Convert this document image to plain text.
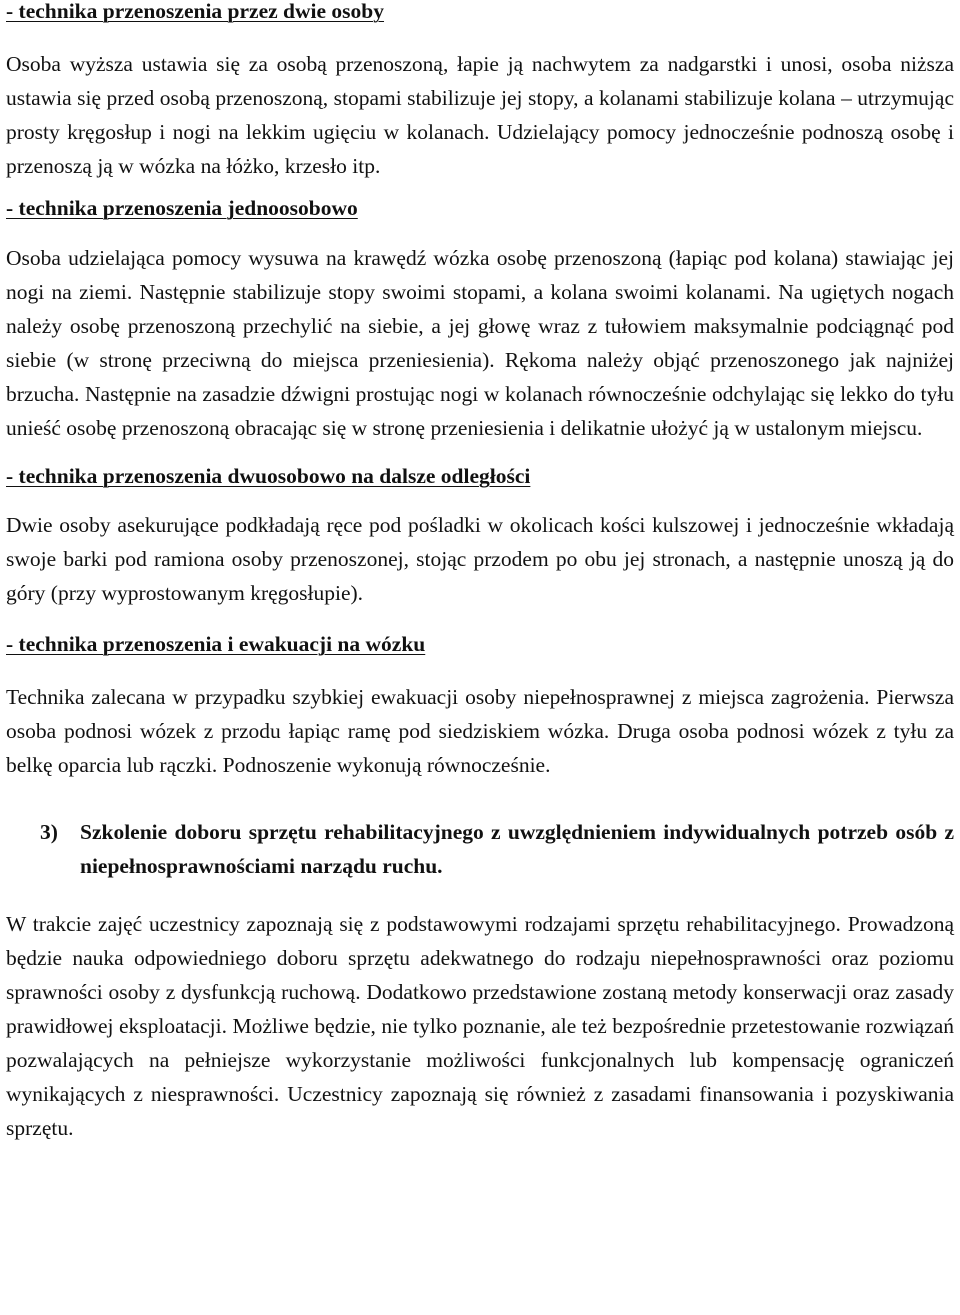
- technika przenoszenia przez dwie osoby

Osoba wyższa ustawia się za osobą przenoszoną, łapie ją nachwytem za nadgarstki i unosi, osoba niższa ustawia się przed osobą przenoszoną, stopami stabilizuje jej stopy, a kolanami stabilizuje kolana – utrzymując prosty kręgosłup i nogi na lekkim ugięciu w kolanach. Udzielający pomocy jednocześnie podnoszą osobę i przenoszą ją w wózka na łóżko, krzesło itp.

- technika przenoszenia jednoosobowo

Osoba udzielająca pomocy wysuwa na krawędź wózka osobę przenoszoną (łapiąc pod kolana) stawiając jej nogi na ziemi. Następnie stabilizuje stopy swoimi stopami, a kolana swoimi kolanami. Na ugiętych nogach należy osobę przenoszoną przechylić na siebie, a jej głowę wraz z tułowiem maksymalnie podciągnąć pod siebie (w stronę przeciwną do miejsca przeniesienia). Rękoma należy objąć przenoszonego jak najniżej brzucha. Następnie na zasadzie dźwigni prostując nogi w kolanach równocześnie odchylając się lekko do tyłu unieść osobę przenoszoną obracając się w stronę przeniesienia i delikatnie ułożyć ją w ustalonym miejscu.

- technika przenoszenia dwuosobowo na dalsze odległości

Dwie osoby asekurujące podkładają ręce pod pośladki w okolicach kości kulszowej i jednocześnie wkładają swoje barki pod ramiona osoby przenoszonej, stojąc przodem po obu jej stronach, a następnie unoszą ją do góry (przy wyprostowanym kręgosłupie).

- technika przenoszenia i ewakuacji na wózku

Technika zalecana w przypadku szybkiej ewakuacji osoby niepełnosprawnej z miejsca zagrożenia. Pierwsza osoba podnosi wózek z przodu łapiąc ramę pod siedziskiem wózka. Druga osoba podnosi wózek z tyłu za belkę oparcia lub rączki. Podnoszenie wykonują równocześnie.

3)	Szkolenie doboru sprzętu rehabilitacyjnego z uwzględnieniem indywidualnych potrzeb osób z niepełnosprawnościami narządu ruchu.

W trakcie zajęć uczestnicy zapoznają się z podstawowymi rodzajami sprzętu rehabilitacyjnego. Prowadzoną będzie nauka odpowiedniego doboru sprzętu adekwatnego do rodzaju niepełnosprawności oraz poziomu sprawności osoby z dysfunkcją ruchową. Dodatkowo przedstawione zostaną metody konserwacji oraz zasady prawidłowej eksploatacji. Możliwe będzie, nie tylko poznanie, ale też bezpośrednie przetestowanie rozwiązań pozwalających na pełniejsze wykorzystanie możliwości funkcjonalnych lub kompensację ograniczeń wynikających z niesprawności. Uczestnicy zapoznają się również z zasadami finansowania i pozyskiwania sprzętu.
